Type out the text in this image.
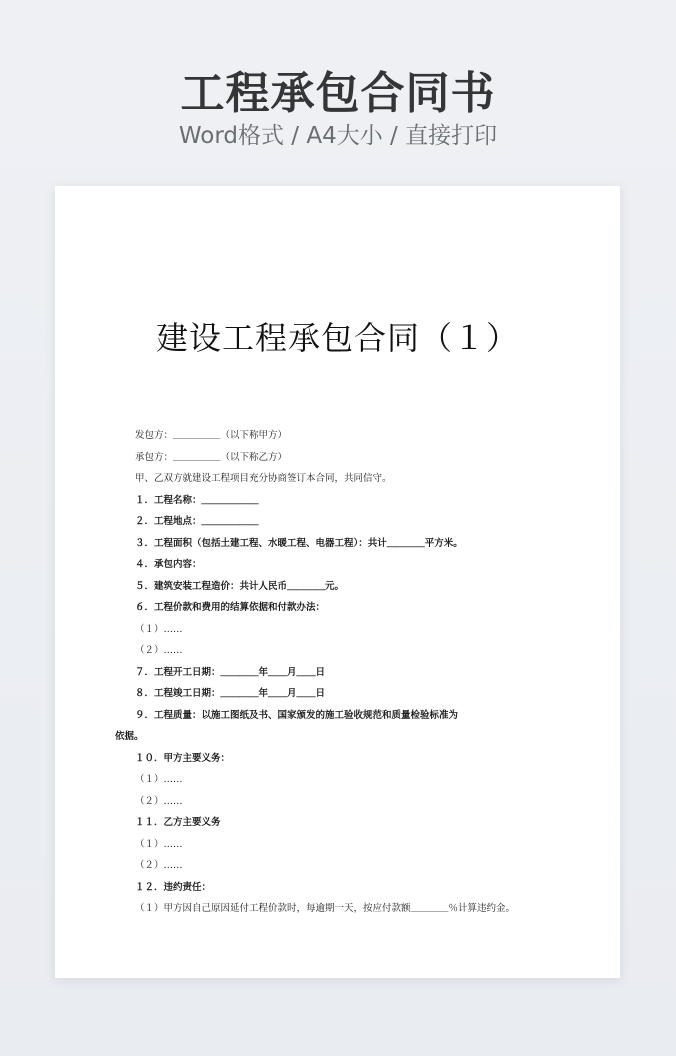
工程承包合同书
Word格式 / A4大小 / 直接打印
建设工程承包合同（１）
发包方：＿＿＿＿＿（以下称甲方）
承包方：＿＿＿＿＿（以下称乙方）
甲、乙双方就建设工程项目充分协商签订本合同，共同信守。
１．工程名称：＿＿＿＿＿＿
２．工程地点：＿＿＿＿＿＿
３．工程面积（包括土建工程、水暖工程、电器工程）：共计＿＿＿＿平方米。
４．承包内容：
５．建筑安装工程造价：共计人民币＿＿＿＿元。
６．工程价款和费用的结算依据和付款办法：
（１）……
（２）……
７．工程开工日期：＿＿＿＿年＿＿月＿＿日
８．工程竣工日期：＿＿＿＿年＿＿月＿＿日
９．工程质量：以施工图纸及书、国家颁发的施工验收规范和质量检验标准为
依据。
１０．甲方主要义务：
（１）……
（２）……
１１．乙方主要义务
（１）……
（２）……
１２．违约责任：
（１）甲方因自己原因延付工程价款时，每逾期一天，按应付款额＿＿＿＿％计算违约金。
